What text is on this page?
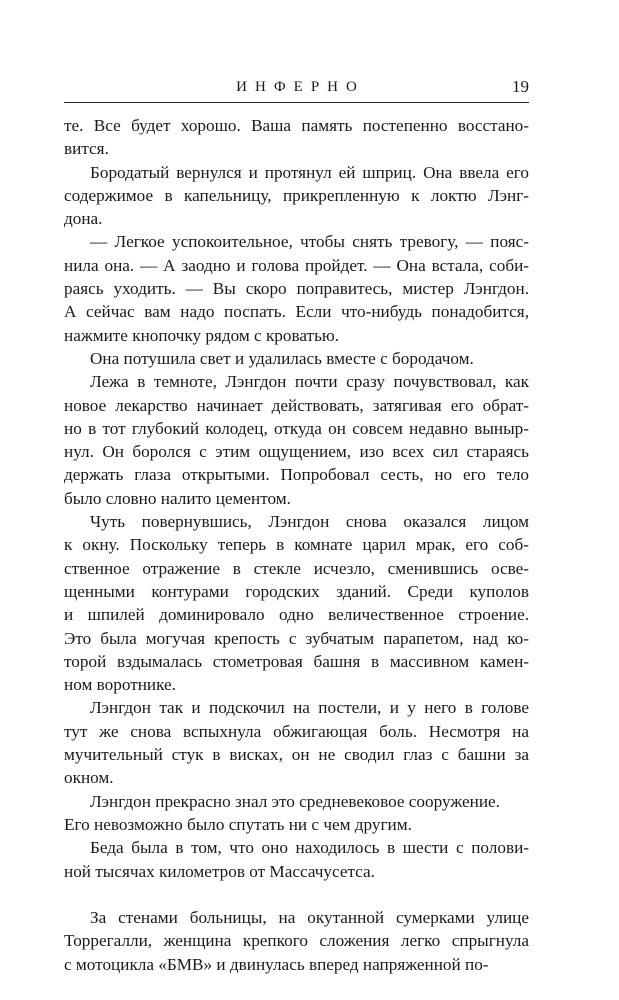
ИНФЕРНО	19
те. Все будет хорошо. Ваша память постепенно восстано-
вится.
Бородатый вернулся и протянул ей шприц. Она ввела его
содержимое в капельницу, прикрепленную к локтю Лэнг-
дона.
— Легкое успокоительное, чтобы снять тревогу, — пояс-
нила она. — А заодно и голова пройдет. — Она встала, соби-
раясь уходить. — Вы скоро поправитесь, мистер Лэнгдон.
А сейчас вам надо поспать. Если что-нибудь понадобится,
нажмите кнопочку рядом с кроватью.
Она потушила свет и удалилась вместе с бородачом.
Лежа в темноте, Лэнгдон почти сразу почувствовал, как
новое лекарство начинает действовать, затягивая его обрат-
но в тот глубокий колодец, откуда он совсем недавно выныр-
нул. Он боролся с этим ощущением, изо всех сил стараясь
держать глаза открытыми. Попробовал сесть, но его тело
было словно налито цементом.
Чуть повернувшись, Лэнгдон снова оказался лицом
к окну. Поскольку теперь в комнате царил мрак, его соб-
ственное отражение в стекле исчезло, сменившись осве-
щенными контурами городских зданий. Среди куполов
и шпилей доминировало одно величественное строение.
Это была могучая крепость с зубчатым парапетом, над ко-
торой вздымалась стометровая башня в массивном камен-
ном воротнике.
Лэнгдон так и подскочил на постели, и у него в голове
тут же снова вспыхнула обжигающая боль. Несмотря на
мучительный стук в висках, он не сводил глаз с башни за
окном.
Лэнгдон прекрасно знал это средневековое сооружение.
Его невозможно было спутать ни с чем другим.
Беда была в том, что оно находилось в шести с полови-
ной тысячах километров от Массачусетса.
За стенами больницы, на окутанной сумерками улице
Торрегалли, женщина крепкого сложения легко спрыгнула
с мотоцикла «БМВ» и двинулась вперед напряженной по-
